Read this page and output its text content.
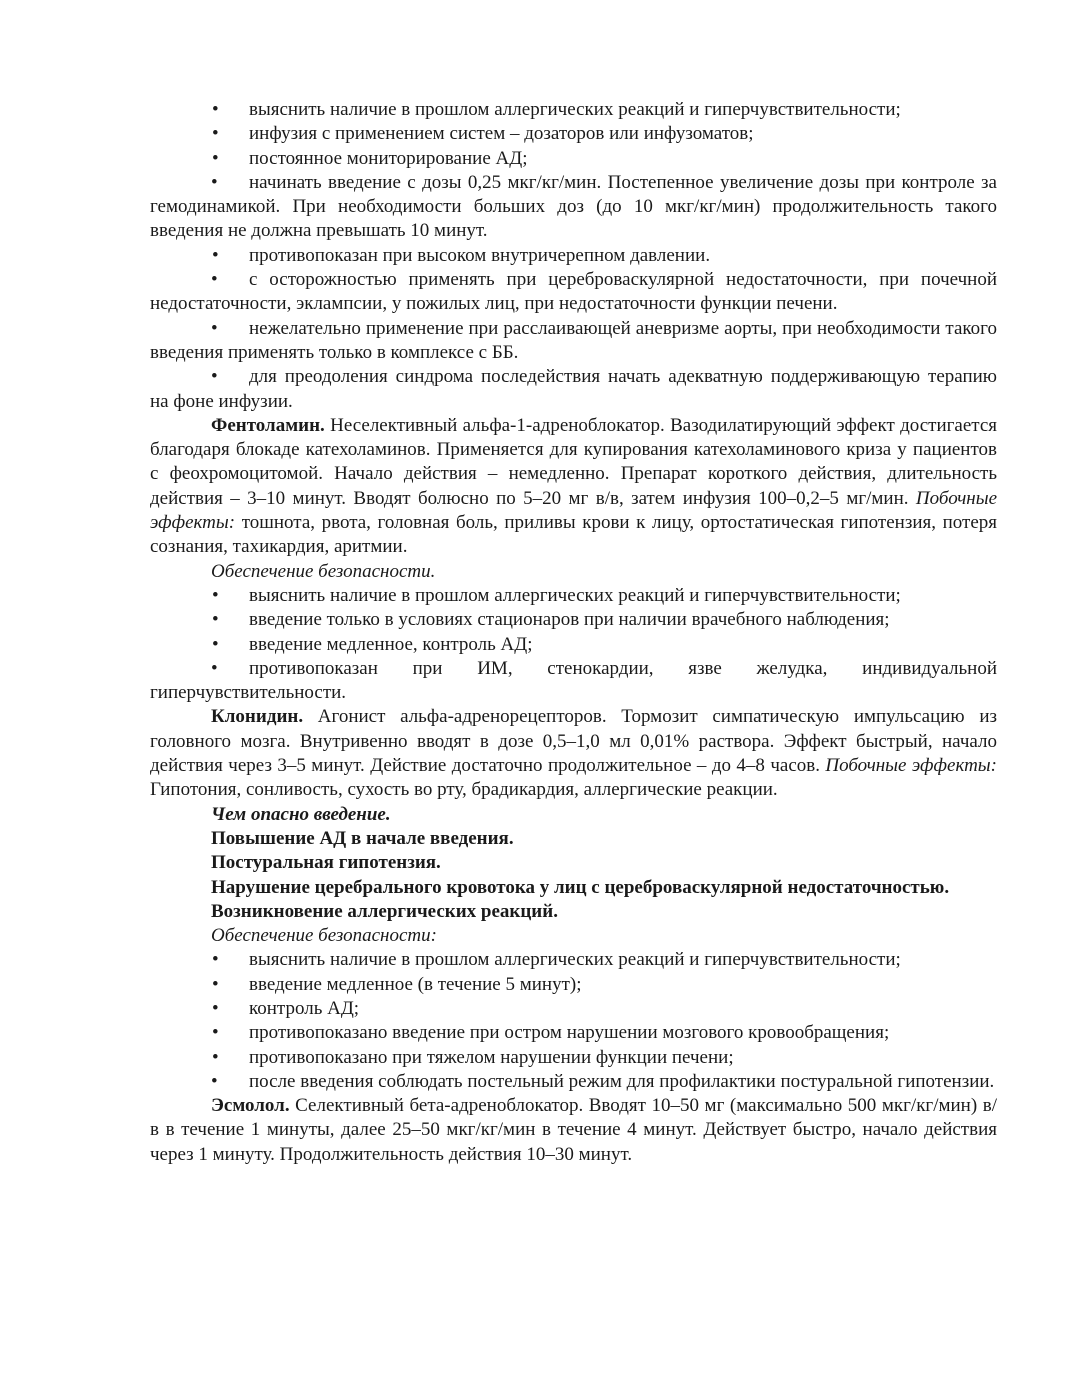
• выяснить наличие в прошлом аллергических реакций и гиперчувствительности;

• инфузия с применением систем – дозаторов или инфузоматов;

• постоянное мониторирование АД;

• начинать введение с дозы 0,25 мкг/кг/мин. Постепенное увеличение дозы при контроле за гемодинамикой. При необходимости больших доз (до 10 мкг/кг/мин) продолжительность такого введения не должна превышать 10 минут.

• противопоказан при высоком внутричерепном давлении.

• с осторожностью применять при цереброваскулярной недостаточности, при почечной недостаточности, эклампсии, у пожилых лиц, при недостаточности функции печени.

• нежелательно применение при расслаивающей аневризме аорты, при необходимости такого введения применять только в комплексе с ББ.

• для преодоления синдрома последействия начать адекватную поддерживающую терапию на фоне инфузии.

Фентоламин. Неселективный альфа-1-адреноблокатор. Вазодилатирующий эффект достигается благодаря блокаде катехоламинов. Применяется для купирования катехоламинового криза у пациентов с феохромоцитомой. Начало действия – немедленно. Препарат короткого действия, длительность действия – 3–10 минут. Вводят болюсно по 5–20 мг в/в, затем инфузия 100–0,2–5 мг/мин. Побочные эффекты: тошнота, рвота, головная боль, приливы крови к лицу, ортостатическая гипотензия, потеря сознания, тахикардия, аритмии.

Обеспечение безопасности.

• выяснить наличие в прошлом аллергических реакций и гиперчувствительности;

• введение только в условиях стационаров при наличии врачебного наблюдения;

• введение медленное, контроль АД;

• противопоказан при ИМ, стенокардии, язве желудка, индивидуальной гиперчувствительности.

Клонидин. Агонист альфа-адренорецепторов. Тормозит симпатическую импульсацию из головного мозга. Внутривенно вводят в дозе 0,5–1,0 мл 0,01% раствора. Эффект быстрый, начало действия через 3–5 минут. Действие достаточно продолжительное – до 4–8 часов. Побочные эффекты: Гипотония, сонливость, сухость во рту, брадикардия, аллергические реакции.

Чем опасно введение.

Повышение АД в начале введения.

Постуральная гипотензия.

Нарушение церебрального кровотока у лиц с цереброваскулярной недостаточностью.

Возникновение аллергических реакций.

Обеспечение безопасности:

• выяснить наличие в прошлом аллергических реакций и гиперчувствительности;

• введение медленное (в течение 5 минут);

• контроль АД;

• противопоказано введение при остром нарушении мозгового кровообращения;

• противопоказано при тяжелом нарушении функции печени;

• после введения соблюдать постельный режим для профилактики постуральной гипотензии.

Эсмолол. Селективный бета-адреноблокатор. Вводят 10–50 мг (максимально 500 мкг/кг/мин) в/в в течение 1 минуты, далее 25–50 мкг/кг/мин в течение 4 минут. Действует быстро, начало действия через 1 минуту. Продолжительность действия 10–30 минут.
